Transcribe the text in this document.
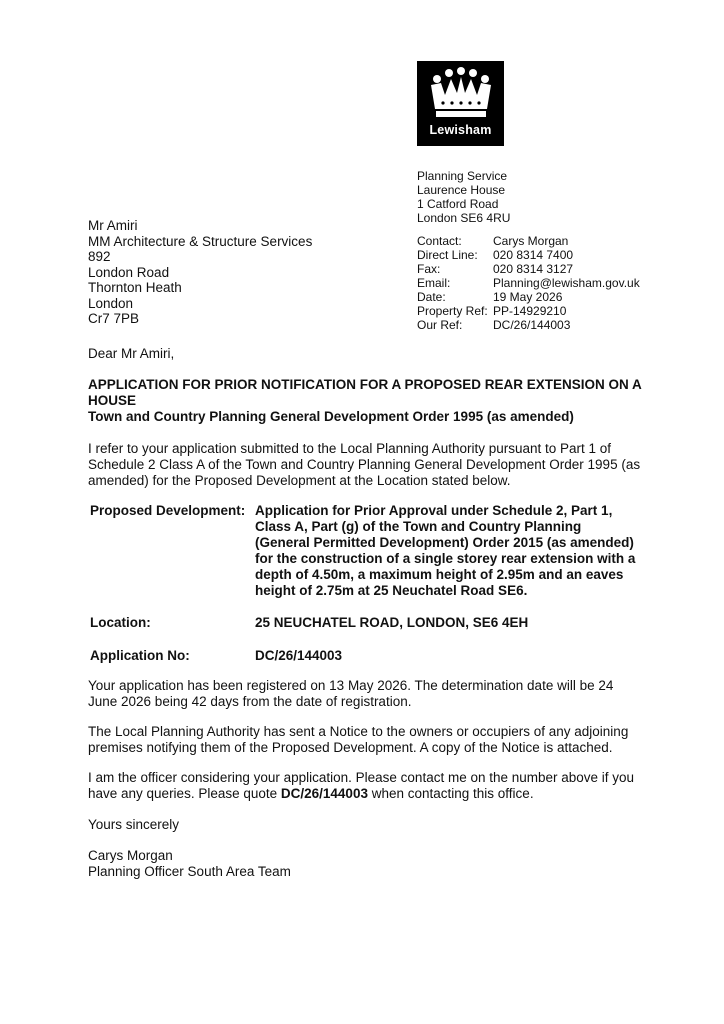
Lewisham
Planning Service
Laurence House
1 Catford Road
London SE6 4RU
Contact:	Carys Morgan
Direct Line:	020 8314 7400
Fax:	020 8314 3127
Email:	Planning@lewisham.gov.uk
Date:	19 May 2026
Property Ref:	PP-14929210
Our Ref:	DC/26/144003
Mr Amiri
MM Architecture & Structure Services
892
London Road
Thornton Heath
London
Cr7 7PB
Dear Mr Amiri,
APPLICATION FOR PRIOR NOTIFICATION FOR A PROPOSED REAR EXTENSION ON A
HOUSE
Town and Country Planning General Development Order 1995 (as amended)
I refer to your application submitted to the Local Planning Authority pursuant to Part 1 of
Schedule 2 Class A of the Town and Country Planning General Development Order 1995 (as
amended) for the Proposed Development at the Location stated below.
Proposed Development: Application for Prior Approval under Schedule 2, Part 1,
Class A, Part (g) of the Town and Country Planning
(General Permitted Development) Order 2015 (as amended)
for the construction of a single storey rear extension with a
depth of 4.50m, a maximum height of 2.95m and an eaves
height of 2.75m at 25 Neuchatel Road SE6.
Location:	25 NEUCHATEL ROAD, LONDON, SE6 4EH
Application No:	DC/26/144003
Your application has been registered on 13 May 2026. The determination date will be 24
June 2026 being 42 days from the date of registration.
The Local Planning Authority has sent a Notice to the owners or occupiers of any adjoining
premises notifying them of the Proposed Development. A copy of the Notice is attached.
I am the officer considering your application. Please contact me on the number above if you
have any queries. Please quote DC/26/144003 when contacting this office.
Yours sincerely
Carys Morgan
Planning Officer South Area Team
